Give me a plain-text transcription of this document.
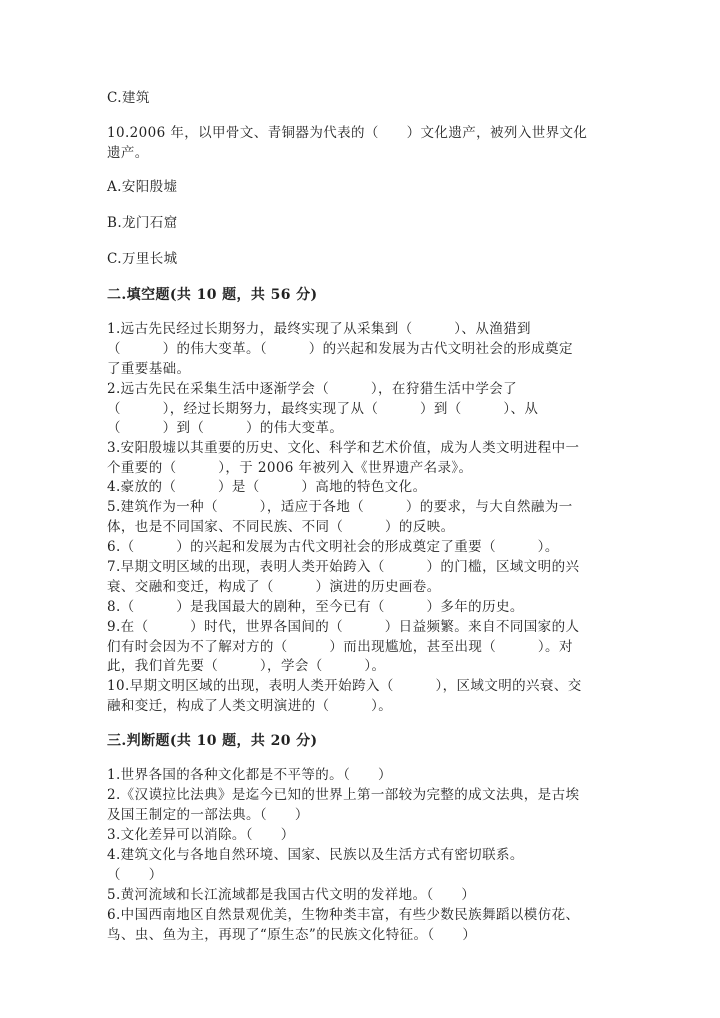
C.建筑
10.2006 年，以甲骨文、青铜器为代表的（　　）文化遗产，被列入世界文化
遗产。
A.安阳殷墟
B.龙门石窟
C.万里长城
二.填空题(共 10 题，共 56 分)
1.远古先民经过长期努力，最终实现了从采集到（　　　）、从渔猎到
（　　　）的伟大变革。（　　　）的兴起和发展为古代文明社会的形成奠定
了重要基础。
2.远古先民在采集生活中逐渐学会（　　　），在狩猎生活中学会了
（　　　），经过长期努力，最终实现了从（　　　）到（　　　）、从
（　　　）到（　　　）的伟大变革。
3.安阳殷墟以其重要的历史、文化、科学和艺术价值，成为人类文明进程中一
个重要的（　　　），于 2006 年被列入《世界遗产名录》。
4.豪放的（　　　）是（　　　）高地的特色文化。
5.建筑作为一种（　　　），适应于各地（　　　）的要求，与大自然融为一
体，也是不同国家、不同民族、不同（　　　）的反映。
6.（　　　）的兴起和发展为古代文明社会的形成奠定了重要（　　　）。
7.早期文明区域的出现，表明人类开始跨入（　　　）的门槛，区域文明的兴
衰、交融和变迁，构成了（　　　）演进的历史画卷。
8.（　　　）是我国最大的剧种，至今已有（　　　）多年的历史。
9.在（　　　）时代，世界各国间的（　　　）日益频繁。来自不同国家的人
们有时会因为不了解对方的（　　　）而出现尴尬，甚至出现（　　　）。对
此，我们首先要（　　　），学会（　　　）。
10.早期文明区域的出现，表明人类开始跨入（　　　），区域文明的兴衰、交
融和变迁，构成了人类文明演进的（　　　）。
三.判断题(共 10 题，共 20 分)
1.世界各国的各种文化都是不平等的。（　　）
2.《汉谟拉比法典》是迄今已知的世界上第一部较为完整的成文法典，是古埃
及国王制定的一部法典。（　　）
3.文化差异可以消除。（　　）
4.建筑文化与各地自然环境、国家、民族以及生活方式有密切联系。
（　　）
5.黄河流域和长江流域都是我国古代文明的发祥地。（　　）
6.中国西南地区自然景观优美，生物种类丰富，有些少数民族舞蹈以模仿花、
鸟、虫、鱼为主，再现了“原生态”的民族文化特征。（　　）
